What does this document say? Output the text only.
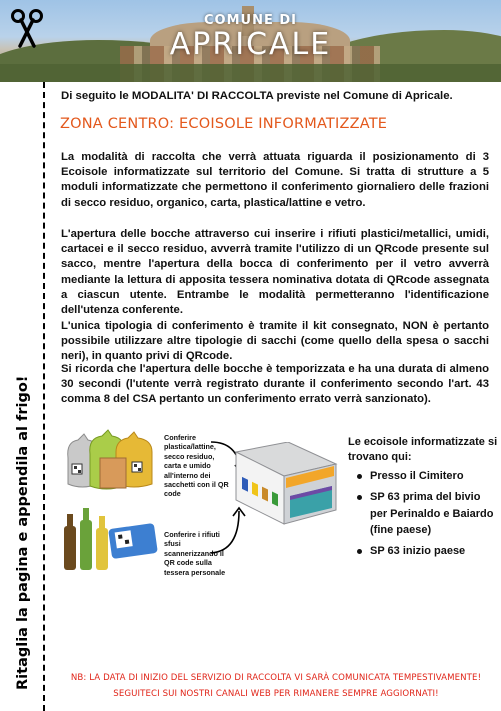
COMUNE DI
APRICALE
Ritaglia la pagina e appendila al frigo!
Di seguito le MODALITA' DI RACCOLTA previste nel Comune di Apricale.
ZONA CENTRO: ECOISOLE INFORMATIZZATE

La modalità di raccolta che verrà attuata riguarda il posizionamento di 3 Ecoisole informatizzate sul territorio del Comune. Si tratta di strutture a 5 moduli informatizzate che permettono il conferimento giornaliero delle frazioni di secco residuo, organico, carta, plastica/lattine e vetro.

L'apertura delle bocche attraverso cui inserire i rifiuti plastici/metallici, umidi, cartacei e il secco residuo, avverrà tramite l'utilizzo di un QRcode presente sul sacco, mentre l'apertura della bocca di conferimento per il vetro avverrà mediante la lettura di apposita tessera nominativa dotata di QRcode assegnata a ciascun utente. Entrambe le modalità permetteranno l'identificazione dell'utenza conferente.

L'unica tipologia di conferimento è tramite il kit consegnato, NON è pertanto possibile utilizzare altre tipologie di sacchi (come quello della spesa o sacchi neri), in quanto privi di QRcode.

Si ricorda che l'apertura delle bocche è temporizzata e ha una durata di almeno 30 secondi (l'utente verrà registrato durante il conferimento secondo l'art. 43 comma 8 del CSA pertanto un conferimento errato verrà sanzionato).

Conferire plastica/lattine, secco residuo, carta e umido all'interno dei sacchetti con il QR code
Conferire i rifiuti sfusi scannerizzando il QR code sulla tessera personale
Le ecoisole informatizzate si trovano qui:
Presso il Cimitero
SP 63 prima del bivio per Perinaldo e Baiardo (fine paese)
SP 63 inizio paese
NB: LA DATA DI INIZIO DEL SERVIZIO DI RACCOLTA VI SARÀ COMUNICATA TEMPESTIVAMENTE!
SEGUITECI SUI NOSTRI CANALI WEB PER RIMANERE SEMPRE AGGIORNATI!
